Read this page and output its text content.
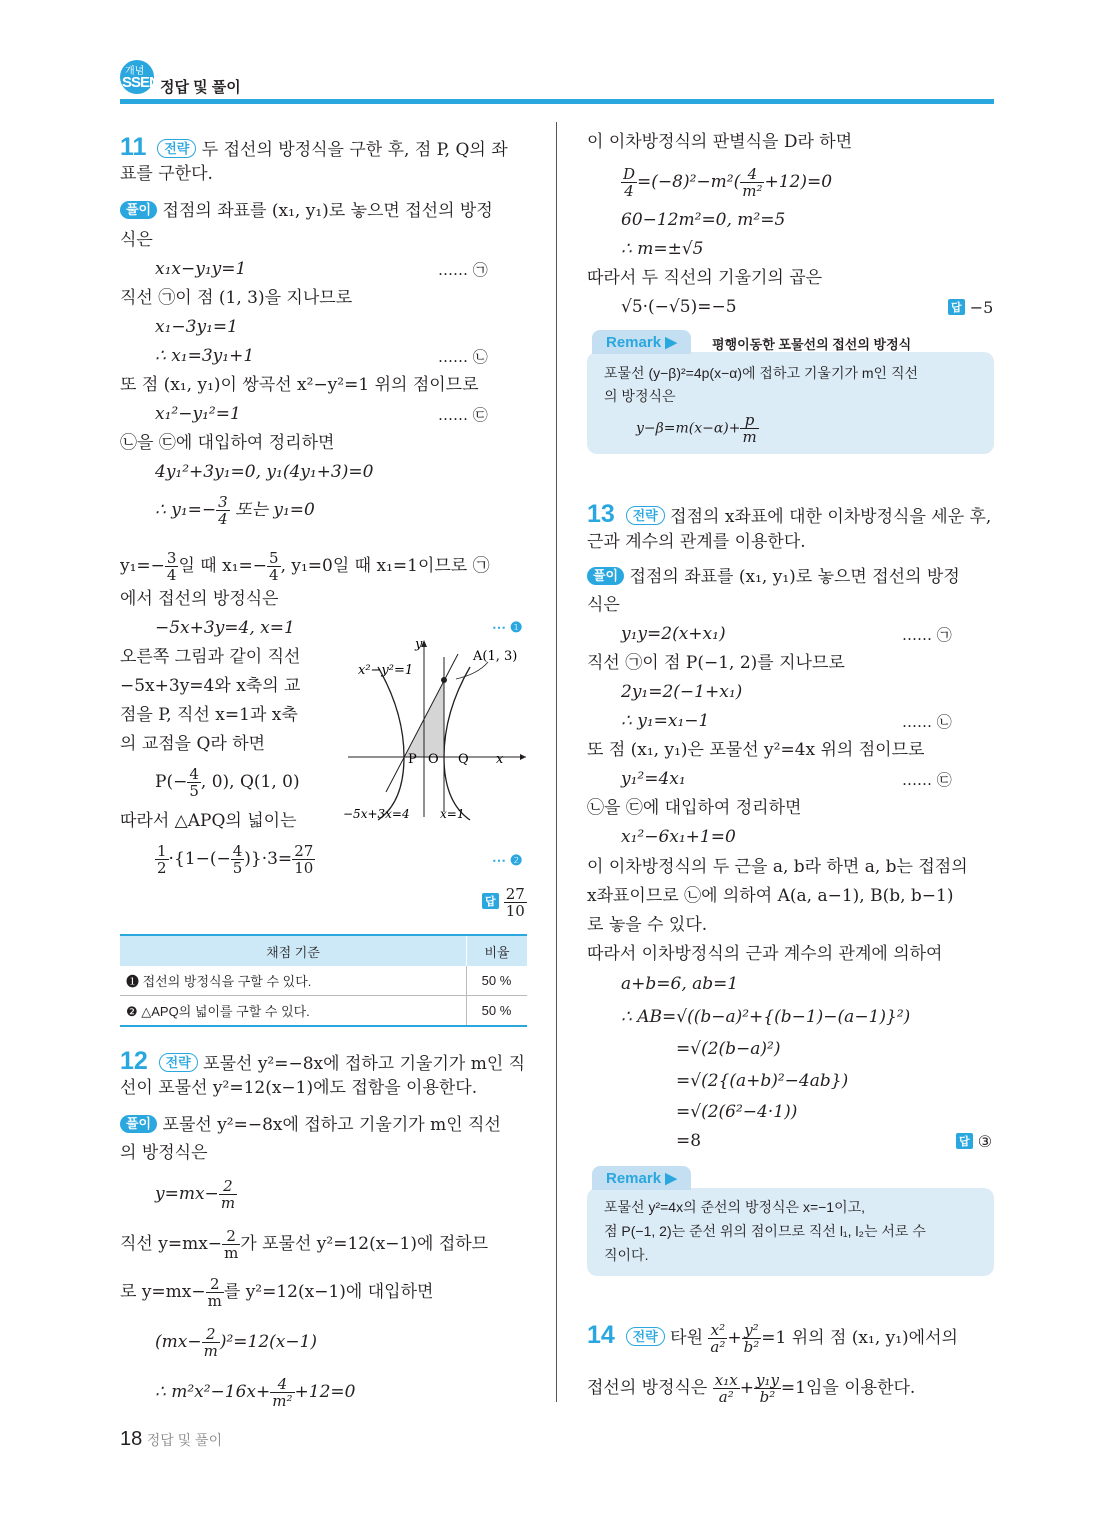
개념
SSEN 정답 및 풀이
11 전략 두 접선의 방정식을 구한 후, 점 P, Q의 좌
표를 구한다.
풀이 접점의 좌표를 (x₁, y₁)로 놓으면 접선의 방정
식은
x₁x−y₁y=1	…… ㉠
직선 ㉠이 점 (1, 3)을 지나므로
x₁−3y₁=1
∴ x₁=3y₁+1	…… ㉡
또 점 (x₁, y₁)이 쌍곡선 x²−y²=1 위의 점이므로
x₁²−y₁²=1	…… ㉢
㉡을 ㉢에 대입하여 정리하면
4y₁²+3y₁=0, y₁(4y₁+3)=0
∴ $y_1=- \frac{3}{4}$ 또는 y₁=0
$y_1=- \frac{3}{4}$ 일 때 $x_1=- \frac{5}{4}$ , y₁=0일 때 x₁=1이므로 ㉠
에서 접선의 방정식은
−5x+3y=4, x=1	⋯ ❶
오른쪽 그림과 같이 직선
−5x+3y=4와 x축의 교
점을 P, 직선 x=1과 x축
의 교점을 Q라 하면
$P(- \frac{4}{5}$ , 0), Q(1, 0)
따라서 △APQ의 넓이는
$\frac{1}{2} \cdot\{1-(- \frac{4}{5} )\}\cdot 3= \frac{27}{10}$	⋯ ❷
답 $\frac{27}{10}$
x²−y²=1
A(1, 3)
y
x
P O Q
−5x+3x=4	x=1
채점 기준	비율
❶ 접선의 방정식을 구할 수 있다.	50 %
❷ △APQ의 넓이를 구할 수 있다.	50 %
12 전략 포물선 y²=−8x에 접하고 기울기가 m인 직
선이 포물선 y²=12(x−1)에도 접함을 이용한다.
풀이 포물선 y²=−8x에 접하고 기울기가 m인 직선
의 방정식은
$y=mx- \frac{2}{m}$
직선 $y=mx- \frac{2}{m}$ 가 포물선 y²=12(x−1)에 접하므
로 $y=mx- \frac{2}{m}$ 를 y²=12(x−1)에 대입하면
$(mx- \frac{2}{m} )^2=12(x-1)$
∴ $m^2x^2-16x+ \frac{4}{\text{m²}} +12=0$
이 이차방정식의 판별식을 D라 하면
$\frac{D}{4} =(-8)^2-m^2( \frac{4}{\text{m²}} +12)=0$
60−12m²=0, m²=5
∴ m=±√5
따라서 두 직선의 기울기의 곱은
√5·(−√5)=−5	답 −5
Remark ▶	평행이동한 포물선의 접선의 방정식
포물선 (y−β)²=4p(x−α)에 접하고 기울기가 m인 직선
의 방정식은
$y-\beta=m(x-\alpha)+ \frac{p}{m}$
13 전략 접점의 x좌표에 대한 이차방정식을 세운 후,
근과 계수의 관계를 이용한다.
풀이 접점의 좌표를 (x₁, y₁)로 놓으면 접선의 방정
식은
y₁y=2(x+x₁)	…… ㉠
직선 ㉠이 점 P(−1, 2)를 지나므로
2y₁=2(−1+x₁)
∴ y₁=x₁−1	…… ㉡
또 점 (x₁, y₁)은 포물선 y²=4x 위의 점이므로
y₁²=4x₁	…… ㉢
㉡을 ㉢에 대입하여 정리하면
x₁²−6x₁+1=0
이 이차방정식의 두 근을 a, b라 하면 a, b는 접점의
x좌표이므로 ㉡에 의하여 A(a, a−1), B(b, b−1)
로 놓을 수 있다.
따라서 이차방정식의 근과 계수의 관계에 의하여
a+b=6, ab=1
∴ AB=√((b−a)²+{(b−1)−(a−1)}²)
=√(2(b−a)²)
=√(2{(a+b)²−4ab})
=√(2(6²−4·1))
=8	답 ③
Remark ▶
포물선 y²=4x의 준선의 방정식은 x=−1이고,
점 P(−1, 2)는 준선 위의 점이므로 직선 l₁, l₂는 서로 수
직이다.
14 전략 타원 $\frac{\text{x²}}{\text{a²}} + \frac{\text{y²}}{\text{b²}} =1$ 위의 점 (x₁, y₁)에서의
접선의 방정식은 $\frac{\text{x₁x}}{\text{a²}} + \frac{\text{y₁y}}{\text{b²}} =1$임을 이용한다.
18 정답 및 풀이
